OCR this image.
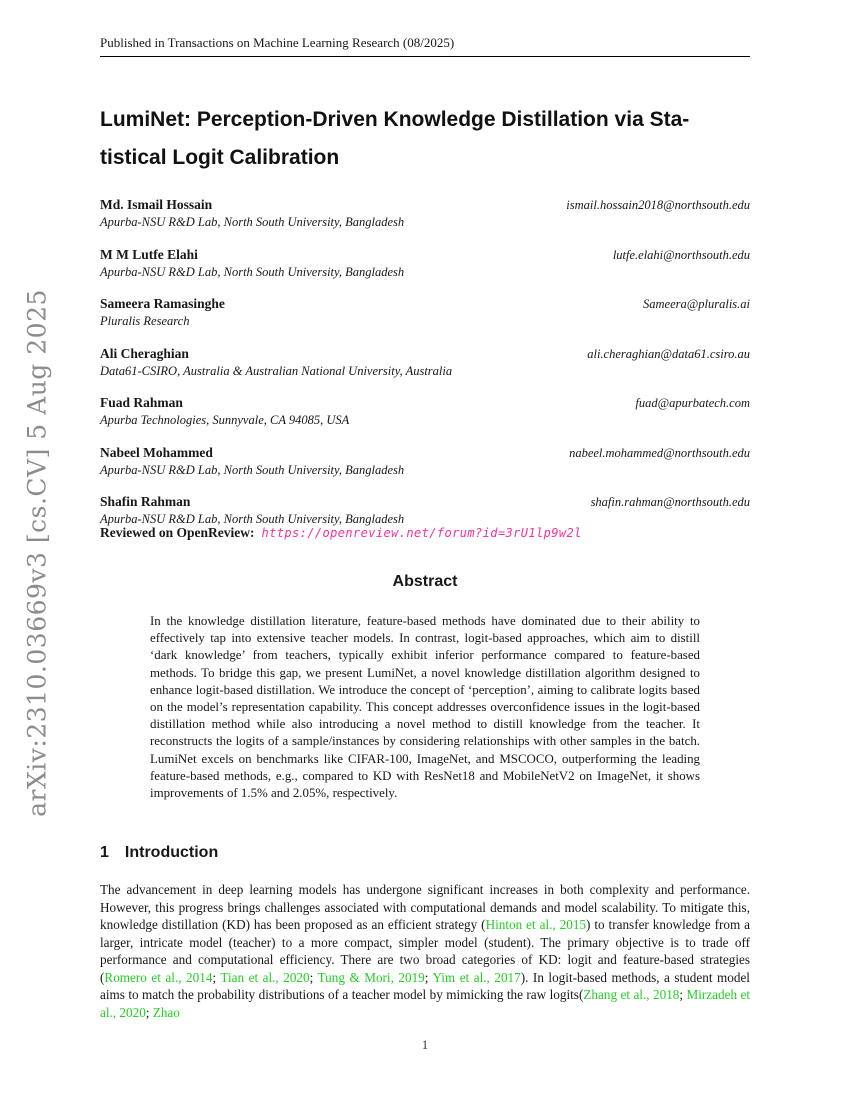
arXiv:2310.03669v3 [cs.CV] 5 Aug 2025
Published in Transactions on Machine Learning Research (08/2025)
LumiNet: Perception-Driven Knowledge Distillation via Sta-
tistical Logit Calibration
Md. Ismail Hossain	ismail.hossain2018@northsouth.edu
Apurba-NSU R&D Lab, North South University, Bangladesh
M M Lutfe Elahi	lutfe.elahi@northsouth.edu
Apurba-NSU R&D Lab, North South University, Bangladesh
Sameera Ramasinghe	Sameera@pluralis.ai
Pluralis Research
Ali Cheraghian	ali.cheraghian@data61.csiro.au
Data61-CSIRO, Australia & Australian National University, Australia
Fuad Rahman	fuad@apurbatech.com
Apurba Technologies, Sunnyvale, CA 94085, USA
Nabeel Mohammed	nabeel.mohammed@northsouth.edu
Apurba-NSU R&D Lab, North South University, Bangladesh
Shafin Rahman	shafin.rahman@northsouth.edu
Apurba-NSU R&D Lab, North South University, Bangladesh
Reviewed on OpenReview: https://openreview.net/forum?id=3rU1lp9w2l
Abstract

In the knowledge distillation literature, feature-based methods have dominated due to their ability to effectively tap into extensive teacher models. In contrast, logit-based approaches, which aim to distill ‘dark knowledge’ from teachers, typically exhibit inferior performance compared to feature-based methods. To bridge this gap, we present LumiNet, a novel knowledge distillation algorithm designed to enhance logit-based distillation. We introduce the concept of ‘perception’, aiming to calibrate logits based on the model’s representation capability. This concept addresses overconfidence issues in the logit-based distillation method while also introducing a novel method to distill knowledge from the teacher. It reconstructs the logits of a sample/instances by considering relationships with other samples in the batch. LumiNet excels on benchmarks like CIFAR-100, ImageNet, and MSCOCO, outperforming the leading feature-based methods, e.g., compared to KD with ResNet18 and MobileNetV2 on ImageNet, it shows improvements of 1.5% and 2.05%, respectively.

1 Introduction

The advancement in deep learning models has undergone significant increases in both complexity and performance. However, this progress brings challenges associated with computational demands and model scalability. To mitigate this, knowledge distillation (KD) has been proposed as an efficient strategy (Hinton et al., 2015) to transfer knowledge from a larger, intricate model (teacher) to a more compact, simpler model (student). The primary objective is to trade off performance and computational efficiency. There are two broad categories of KD: logit and feature-based strategies (Romero et al., 2014; Tian et al., 2020; Tung & Mori, 2019; Yim et al., 2017). In logit-based methods, a student model aims to match the probability distributions of a teacher model by mimicking the raw logits(Zhang et al., 2018; Mirzadeh et al., 2020; Zhao

1
